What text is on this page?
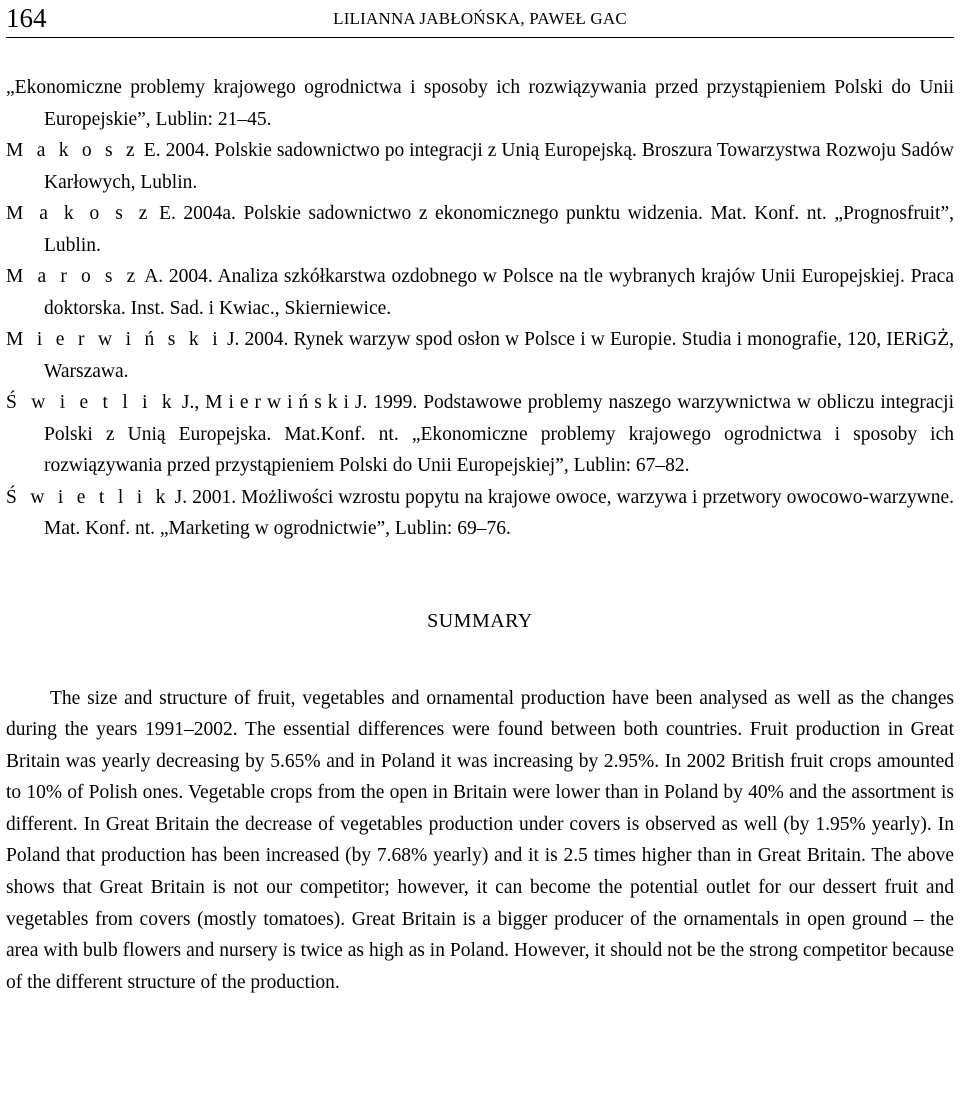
164	LILIANNA JABŁOŃSKA, PAWEŁ GAC
„Ekonomiczne problemy krajowego ogrodnictwa i sposoby ich rozwiązywania przed przystąpieniem Polski do Unii Europejskie”, Lublin: 21–45.
M a k o s z E. 2004. Polskie sadownictwo po integracji z Unią Europejską. Broszura Towarzystwa Rozwoju Sadów Karłowych, Lublin.
M a k o s z E. 2004a. Polskie sadownictwo z ekonomicznego punktu widzenia. Mat. Konf. nt. „Prognosfruit”, Lublin.
M a r o s z A. 2004. Analiza szkółkarstwa ozdobnego w Polsce na tle wybranych krajów Unii Europejskiej. Praca doktorska. Inst. Sad. i Kwiac., Skierniewice.
M i e r w i ń s k i J. 2004. Rynek warzyw spod osłon w Polsce i w Europie. Studia i monografie, 120, IERiGŻ, Warszawa.
Ś w i e t l i k J., M i e r w i ń s k i J. 1999. Podstawowe problemy naszego warzywnictwa w obliczu integracji Polski z Unią Europejska. Mat.Konf. nt. „Ekonomiczne problemy krajowego ogrodnictwa i sposoby ich rozwiązywania przed przystąpieniem Polski do Unii Europejskiej”, Lublin: 67–82.
Ś w i e t l i k J. 2001. Możliwości wzrostu popytu na krajowe owoce, warzywa i przetwory owocowo-warzywne. Mat. Konf. nt. „Marketing w ogrodnictwie”, Lublin: 69–76.
SUMMARY

The size and structure of fruit, vegetables and ornamental production have been analysed as well as the changes during the years 1991–2002. The essential differences were found between both countries. Fruit production in Great Britain was yearly decreasing by 5.65% and in Poland it was increasing by 2.95%. In 2002 British fruit crops amounted to 10% of Polish ones. Vegetable crops from the open in Britain were lower than in Poland by 40% and the assortment is different. In Great Britain the decrease of vegetables production under covers is observed as well (by 1.95% yearly). In Poland that production has been increased (by 7.68% yearly) and it is 2.5 times higher than in Great Britain. The above shows that Great Britain is not our competitor; however, it can become the potential outlet for our dessert fruit and vegetables from covers (mostly tomatoes). Great Britain is a bigger producer of the ornamentals in open ground – the area with bulb flowers and nursery is twice as high as in Poland. However, it should not be the strong competitor because of the different structure of the production.
